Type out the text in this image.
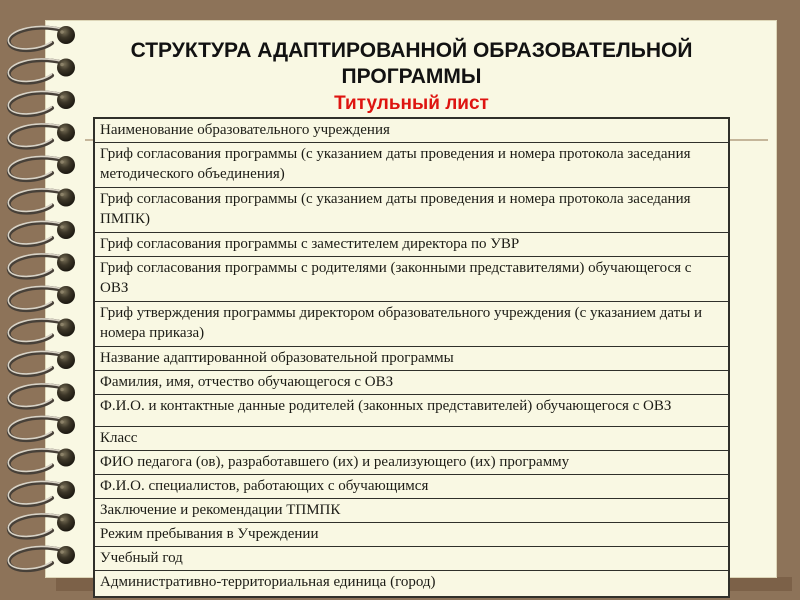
СТРУКТУРА АДАПТИРОВАННОЙ ОБРАЗОВАТЕЛЬНОЙ ПРОГРАММЫ
Титульный лист
Наименование образовательного учреждения
Гриф согласования программы (с указанием даты проведения и номера протокола заседания методического объединения)
Гриф согласования программы (с указанием даты проведения и номера протокола заседания ПМПК)
Гриф согласования программы с заместителем директора по УВР
Гриф согласования программы с родителями (законными представителями) обучающегося с ОВЗ
Гриф утверждения программы директором образовательного учреждения (с указанием даты и номера приказа)
Название адаптированной образовательной программы
Фамилия, имя, отчество обучающегося с ОВЗ
Ф.И.О. и контактные данные родителей (законных представителей) обучающегося с ОВЗ
Класс
ФИО педагога (ов), разработавшего (их) и реализующего (их) программу
Ф.И.О. специалистов, работающих с обучающимся
Заключение и рекомендации ТПМПК
Режим пребывания в Учреждении
Учебный год
Административно-территориальная единица (город)
